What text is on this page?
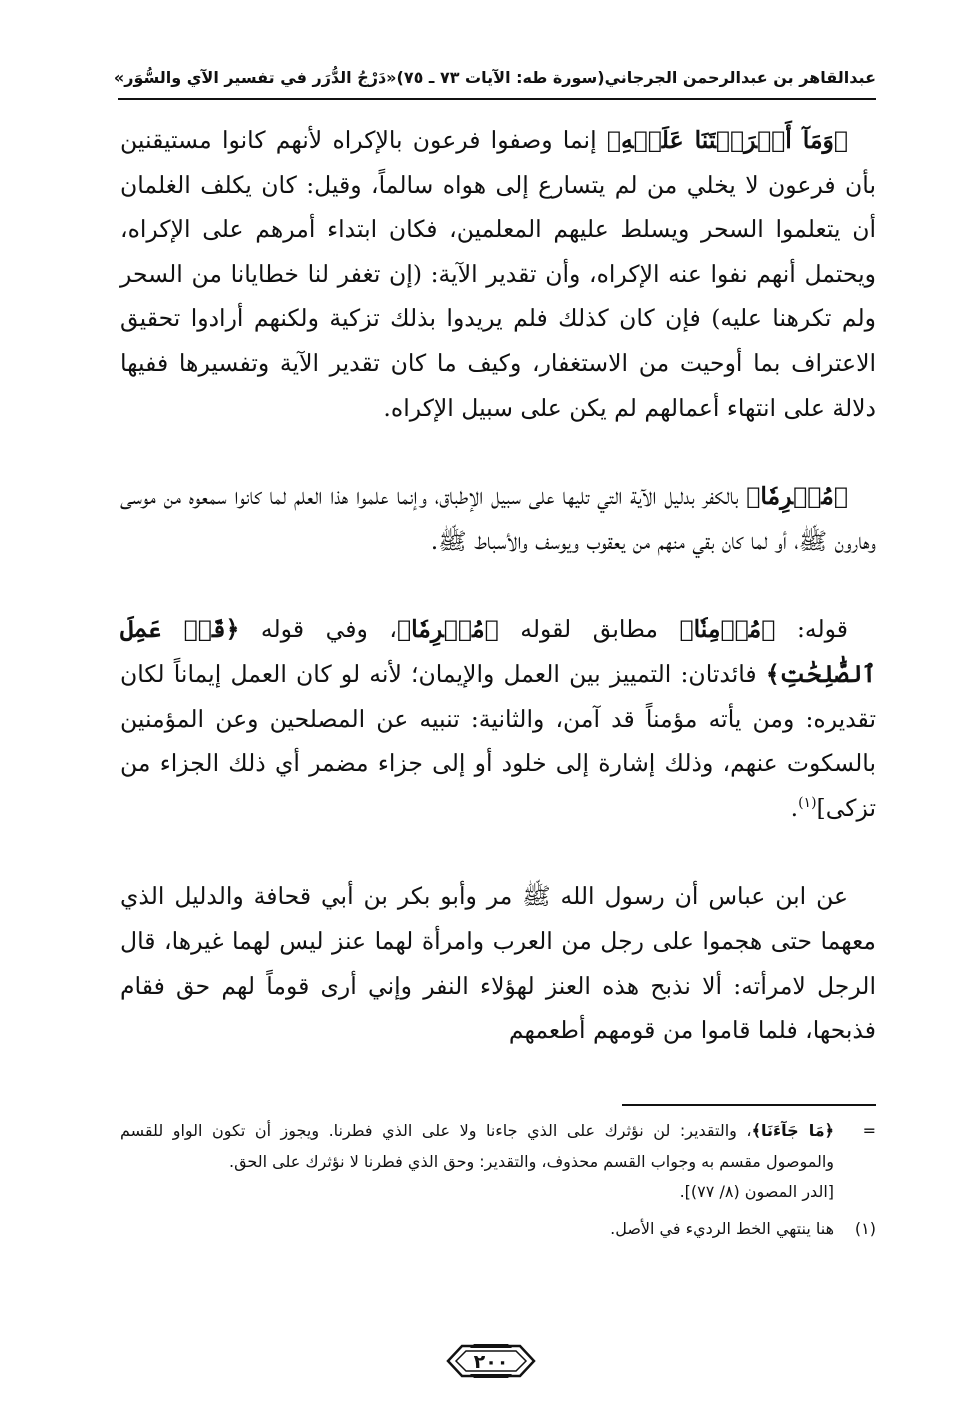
عبدالقاهر بن عبدالرحمن الجرجاني
(سورة طه: الآيات ٧٣ ـ ٧٥)
«دَرْجُ الدُّرَر في تفسير الآي والسُّوَر»

﴿وَمَآ أَكۡرَهۡتَنَا عَلَيۡهِ﴾ إنما وصفوا فرعون بالإكراه لأنهم كانوا مستيقنين بأن فرعون لا يخلي من لم يتسارع إلى هواه سالماً، وقيل: كان يكلف الغلمان أن يتعلموا السحر ويسلط عليهم المعلمين، فكان ابتداء أمرهم على الإكراه، ويحتمل أنهم نفوا عنه الإكراه، وأن تقدير الآية: (إن تغفر لنا خطايانا من السحر ولم تكرهنا عليه) فإن كان كذلك فلم يريدوا بذلك تزكية ولكنهم أرادوا تحقيق الاعتراف بما أوحيت من الاستغفار، وكيف ما كان تقدير الآية وتفسيرها ففيها دلالة على انتهاء أعمالهم لم يكن على سبيل الإكراه.

﴿مُجۡرِمٗا﴾ بالكفر بدليل الآية التي تليها على سبيل الإطباق، وإنما علموا هذا العلم لما كانوا سمعوه من موسى وهارون ﷺ، أو لما كان بقي منهم من يعقوب ويوسف والأسباط ﷺ.

قوله: ﴿مُؤۡمِنٗا﴾ مطابق لقوله ﴿مُجۡرِمٗا﴾، وفي قوله ﴿قَدۡ عَمِلَ ٱلصَّٰلِحَٰتِ﴾ فائدتان: التمييز بين العمل والإيمان؛ لأنه لو كان العمل إيماناً لكان تقديره: ومن يأته مؤمناً قد آمن، والثانية: تنبيه عن المصلحين وعن المؤمنين بالسكوت عنهم، وذلك إشارة إلى خلود أو إلى جزاء مضمر أي ذلك الجزاء من تزكى]$^{(١)}$.

عن ابن عباس أن رسول الله ﷺ مر وأبو بكر بن أبي قحافة والدليل الذي معهما حتى هجموا على رجل من العرب وامرأة لهما عنز ليس لهما غيرها، قال الرجل لامرأته: ألا نذبح هذه العنز لهؤلاء النفر وإني أرى قوماً لهم حق فقام فذبحها، فلما قاموا من قومهم أطعمهم

=
﴿مَا جَآءَنَا﴾، والتقدير: لن نؤثرك على الذي جاءنا ولا على الذي فطرنا. ويجوز أن تكون الواو للقسم والموصول مقسم به وجواب القسم محذوف، والتقدير: وحق الذي فطرنا لا نؤثرك على الحق.
[الدر المصون (٨/ ٧٧)].
(١)
هنا ينتهي الخط الرديء في الأصل.
٢٠٠
